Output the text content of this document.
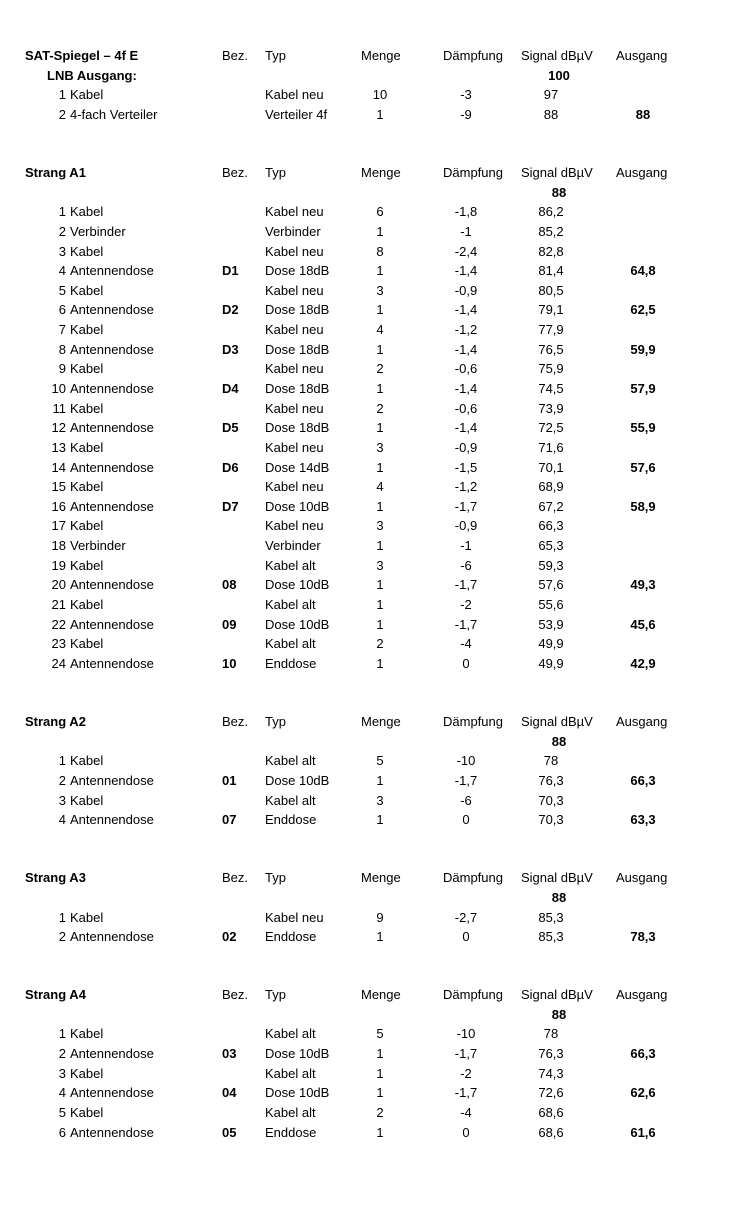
SAT-Spiegel – 4f E	Bez. Typ	Menge	Dämpfung Signal dBµV Ausgang
LNB Ausgang:	100
1 Kabel	Kabel neu	10	-3	97
2 4-fach Verteiler	Verteiler 4f	1	-9	88	88
Strang A1	Bez. Typ	Menge	Dämpfung Signal dBµV Ausgang
88
1 Kabel	Kabel neu	6	-1,8	86,2
2 Verbinder	Verbinder	1	-1	85,2
3 Kabel	Kabel neu	8	-2,4	82,8
4 Antennendose	D1 Dose 18dB	1	-1,4	81,4	64,8
5 Kabel	Kabel neu	3	-0,9	80,5
6 Antennendose	D2 Dose 18dB	1	-1,4	79,1	62,5
7 Kabel	Kabel neu	4	-1,2	77,9
8 Antennendose	D3 Dose 18dB	1	-1,4	76,5	59,9
9 Kabel	Kabel neu	2	-0,6	75,9
10 Antennendose	D4 Dose 18dB	1	-1,4	74,5	57,9
11 Kabel	Kabel neu	2	-0,6	73,9
12 Antennendose	D5 Dose 18dB	1	-1,4	72,5	55,9
13 Kabel	Kabel neu	3	-0,9	71,6
14 Antennendose	D6 Dose 14dB	1	-1,5	70,1	57,6
15 Kabel	Kabel neu	4	-1,2	68,9
16 Antennendose	D7 Dose 10dB	1	-1,7	67,2	58,9
17 Kabel	Kabel neu	3	-0,9	66,3
18 Verbinder	Verbinder	1	-1	65,3
19 Kabel	Kabel alt	3	-6	59,3
20 Antennendose	08 Dose 10dB	1	-1,7	57,6	49,3
21 Kabel	Kabel alt	1	-2	55,6
22 Antennendose	09 Dose 10dB	1	-1,7	53,9	45,6
23 Kabel	Kabel alt	2	-4	49,9
24 Antennendose	10 Enddose	1	0	49,9	42,9
Strang A2	Bez. Typ	Menge	Dämpfung Signal dBµV Ausgang
88
1 Kabel	Kabel alt	5	-10	78
2 Antennendose	01 Dose 10dB	1	-1,7	76,3	66,3
3 Kabel	Kabel alt	3	-6	70,3
4 Antennendose	07 Enddose	1	0	70,3	63,3
Strang A3	Bez. Typ	Menge	Dämpfung Signal dBµV Ausgang
88
1 Kabel	Kabel neu	9	-2,7	85,3
2 Antennendose	02 Enddose	1	0	85,3	78,3
Strang A4	Bez. Typ	Menge	Dämpfung Signal dBµV Ausgang
88
1 Kabel	Kabel alt	5	-10	78
2 Antennendose	03 Dose 10dB	1	-1,7	76,3	66,3
3 Kabel	Kabel alt	1	-2	74,3
4 Antennendose	04 Dose 10dB	1	-1,7	72,6	62,6
5 Kabel	Kabel alt	2	-4	68,6
6 Antennendose	05 Enddose	1	0	68,6	61,6
